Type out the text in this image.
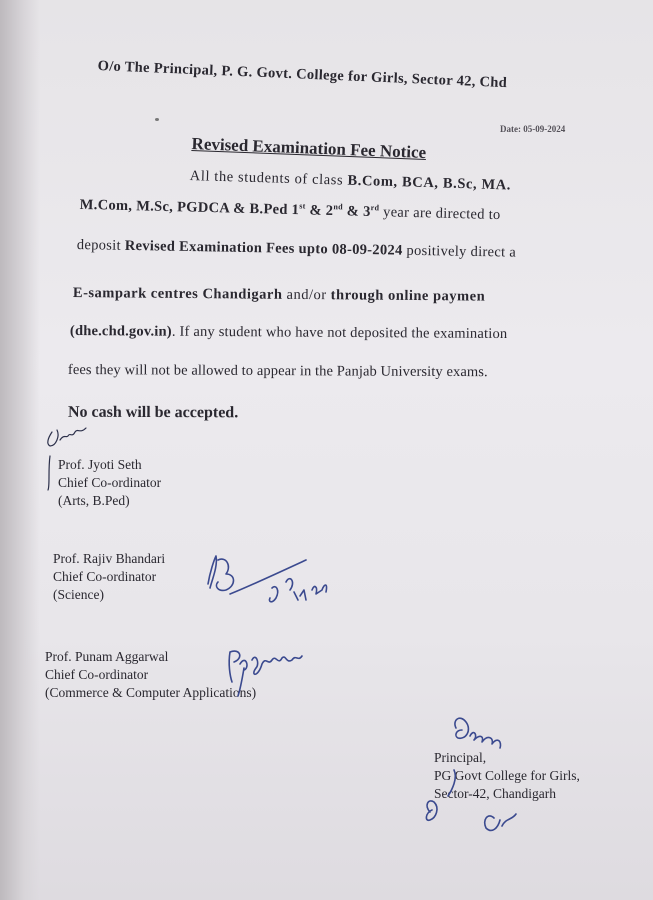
O/o The Principal, P. G. Govt. College for Girls, Sector 42, Chd
Date: 05-09-2024
Revised Examination Fee Notice
All the students of class B.Com, BCA, B.Sc, MA.
M.Com, M.Sc, PGDCA & B.Ped 1st & 2nd & 3rd year are directed to
deposit Revised Examination Fees upto 08-09-2024 positively direct a
E-sampark centres Chandigarh and/or through online paymen
(dhe.chd.gov.in). If any student who have not deposited the examination
fees they will not be allowed to appear in the Panjab University exams.
No cash will be accepted.
Prof. Jyoti Seth
Chief Co-ordinator
(Arts, B.Ped)
Prof. Rajiv Bhandari
Chief Co-ordinator
(Science)
Prof. Punam Aggarwal
Chief Co-ordinator
(Commerce & Computer Applications)
Principal,
PG Govt College for Girls,
Sector-42, Chandigarh
